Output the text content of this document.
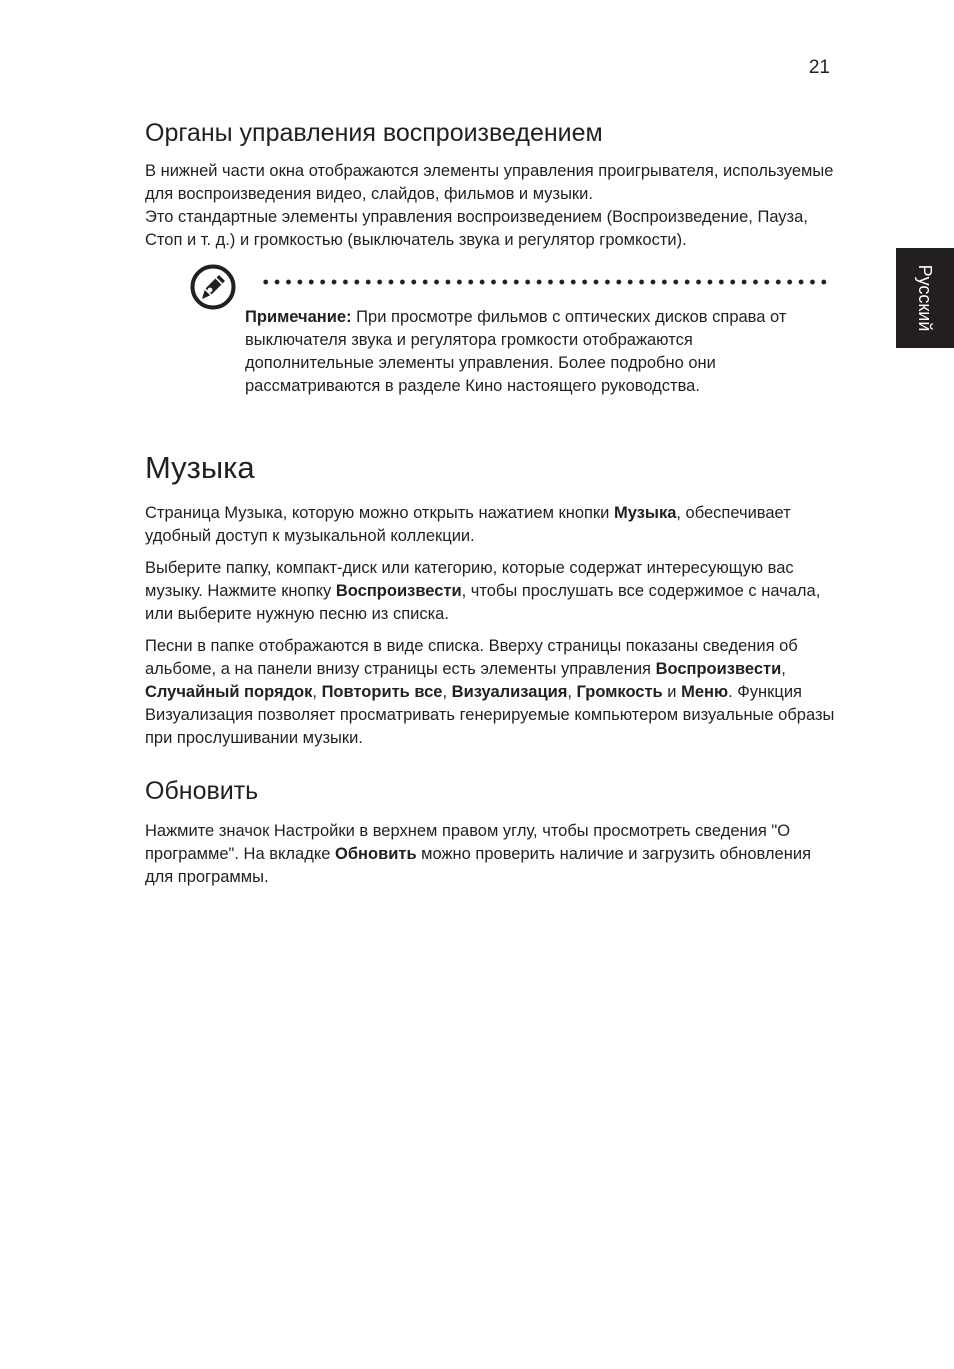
21
Русский
Органы управления воспроизведением

В нижней части окна отображаются элементы управления проигрывателя, используемые для воспроизведения видео, слайдов, фильмов и музыки.

Это стандартные элементы управления воспроизведением (Воспроизведение, Пауза, Стоп и т. д.) и громкостью (выключатель звука и регулятор громкости).

Примечание: При просмотре фильмов с оптических дисков справа от выключателя звука и регулятора громкости отображаются дополнительные элементы управления. Более подробно они рассматриваются в разделе Кино настоящего руководства.

Музыка

Страница Музыка, которую можно открыть нажатием кнопки Музыка, обеспечивает удобный доступ к музыкальной коллекции.

Выберите папку, компакт-диск или категорию, которые содержат интересующую вас музыку. Нажмите кнопку Воспроизвести, чтобы прослушать все содержимое с начала, или выберите нужную песню из списка.

Песни в папке отображаются в виде списка. Вверху страницы показаны сведения об альбоме, а на панели внизу страницы есть элементы управления Воспроизвести, Случайный порядок, Повторить все, Визуализация, Громкость и Меню. Функция Визуализация позволяет просматривать генерируемые компьютером визуальные образы при прослушивании музыки.

Обновить

Нажмите значок Настройки в верхнем правом углу, чтобы просмотреть сведения "О программе". На вкладке Обновить можно проверить наличие и загрузить обновления для программы.
